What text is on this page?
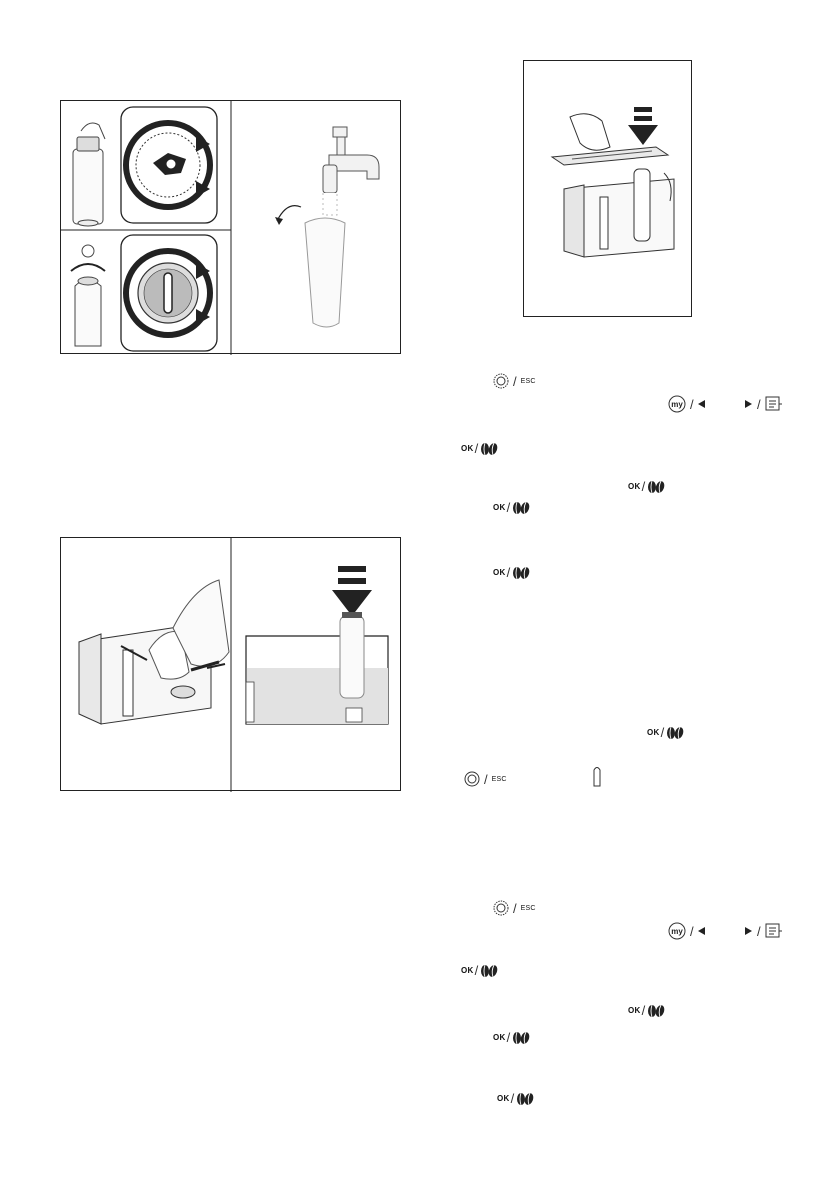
/ ESC
my /	/
OK /
OK /
OK /
OK /
OK /
/ ESC
/ ESC
my /	/
OK /
OK /
OK /
OK /
